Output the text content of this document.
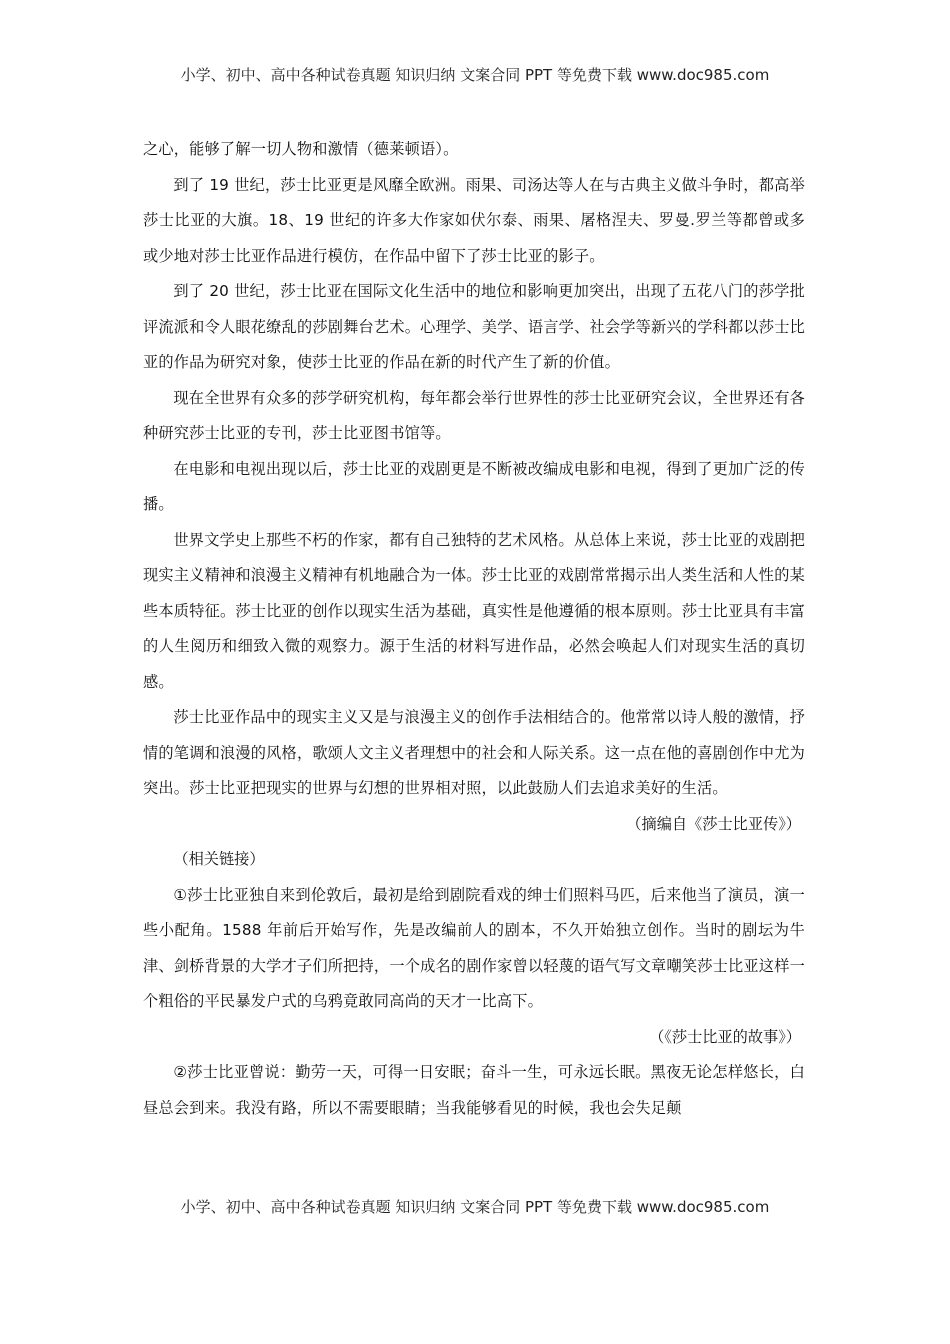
小学、初中、高中各种试卷真题 知识归纳 文案合同 PPT 等免费下载 www.doc985.com

之心，能够了解一切人物和激情（德莱顿语）。

到了 19 世纪，莎士比亚更是风靡全欧洲。雨果、司汤达等人在与古典主义做斗争时，都高举莎士比亚的大旗。18、19 世纪的许多大作家如伏尔泰、雨果、屠格涅夫、罗曼.罗兰等都曾或多或少地对莎士比亚作品进行模仿，在作品中留下了莎士比亚的影子。

到了 20 世纪，莎士比亚在国际文化生活中的地位和影响更加突出，出现了五花八门的莎学批评流派和令人眼花缭乱的莎剧舞台艺术。心理学、美学、语言学、社会学等新兴的学科都以莎士比亚的作品为研究对象，使莎士比亚的作品在新的时代产生了新的价值。

现在全世界有众多的莎学研究机构，每年都会举行世界性的莎士比亚研究会议，全世界还有各种研究莎士比亚的专刊，莎士比亚图书馆等。

在电影和电视出现以后，莎士比亚的戏剧更是不断被改编成电影和电视，得到了更加广泛的传播。

世界文学史上那些不朽的作家，都有自己独特的艺术风格。从总体上来说，莎士比亚的戏剧把现实主义精神和浪漫主义精神有机地融合为一体。莎士比亚的戏剧常常揭示出人类生活和人性的某些本质特征。莎士比亚的创作以现实生活为基础，真实性是他遵循的根本原则。莎士比亚具有丰富的人生阅历和细致入微的观察力。源于生活的材料写进作品，必然会唤起人们对现实生活的真切感。

莎士比亚作品中的现实主义又是与浪漫主义的创作手法相结合的。他常常以诗人般的激情，抒情的笔调和浪漫的风格，歌颂人文主义者理想中的社会和人际关系。这一点在他的喜剧创作中尤为突出。莎士比亚把现实的世界与幻想的世界相对照，以此鼓励人们去追求美好的生活。

（摘编自《莎士比亚传》）

（相关链接）

①莎士比亚独自来到伦敦后，最初是给到剧院看戏的绅士们照料马匹，后来他当了演员，演一些小配角。1588 年前后开始写作，先是改编前人的剧本，不久开始独立创作。当时的剧坛为牛津、剑桥背景的大学才子们所把持，一个成名的剧作家曾以轻蔑的语气写文章嘲笑莎士比亚这样一个粗俗的平民暴发户式的乌鸦竟敢同高尚的天才一比高下。

（《莎士比亚的故事》）

②莎士比亚曾说：勤劳一天，可得一日安眠；奋斗一生，可永远长眠。黑夜无论怎样悠长，白昼总会到来。我没有路，所以不需要眼睛；当我能够看见的时候，我也会失足颠

小学、初中、高中各种试卷真题 知识归纳 文案合同 PPT 等免费下载 www.doc985.com
